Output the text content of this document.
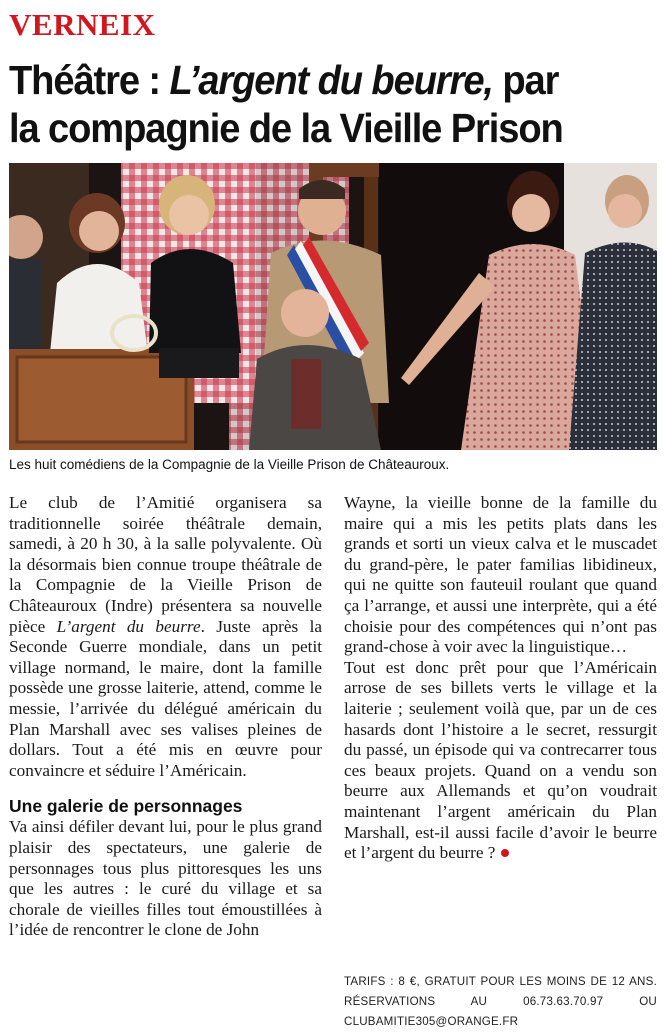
VERNEIX
Théâtre : L’argent du beurre, par
la compagnie de la Vieille Prison
Les huit comédiens de la Compagnie de la Vieille Prison de Châteauroux.

Le club de l’Amitié organisera sa traditionnelle soirée théâtrale demain, samedi, à 20 h 30, à la salle polyvalente. Où la désormais bien connue troupe théâtrale de la Compagnie de la Vieille Prison de Châteauroux (Indre) présentera sa nouvelle pièce L’argent du beurre. Juste après la Seconde Guerre mondiale, dans un petit village normand, le maire, dont la famille possède une grosse laiterie, attend, comme le messie, l’arrivée du délégué américain du Plan Marshall avec ses valises pleines de dollars. Tout a été mis en œuvre pour convaincre et séduire l’Américain.

Une galerie de personnages

Va ainsi défiler devant lui, pour le plus grand plaisir des spectateurs, une galerie de personnages tous plus pittoresques les uns que les autres : le curé du village et sa chorale de vieilles filles tout émoustillées à l’idée de rencontrer le clone de John

Wayne, la vieille bonne de la famille du maire qui a mis les petits plats dans les grands et sorti un vieux calva et le muscadet du grand-père, le pater familias libidineux, qui ne quitte son fauteuil roulant que quand ça l’arrange, et aussi une interprète, qui a été choisie pour des compétences qui n’ont pas grand-chose à voir avec la linguistique…

Tout est donc prêt pour que l’Américain arrose de ses billets verts le village et la laiterie ; seulement voilà que, par un de ces hasards dont l’histoire a le secret, ressurgit du passé, un épisode qui va contrecarrer tous ces beaux projets. Quand on a vendu son beurre aux Allemands et qu’on voudrait maintenant l’argent américain du Plan Marshall, est-il aussi facile d’avoir le beurre et l’argent du beurre ?

TARIFS : 8 €, GRATUIT POUR LES MOINS DE 12 ANS. RÉSERVATIONS AU 06.73.63.70.97 OU CLUBAMITIE305@ORANGE.FR
